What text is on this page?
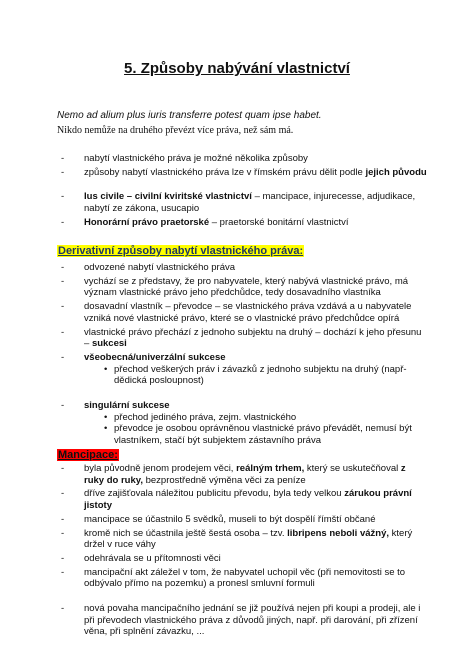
5. Způsoby nabývání vlastnictví
Nemo ad alium plus iuris transferre potest quam ipse habet.
Nikdo nemůže na druhého převézt více práva, než sám má.
- nabytí vlastnického práva je možné několika způsoby
- způsoby nabytí vlastnického práva lze v římském právu dělit podle jejich původu
- Ius civile – civilní kviritské vlastnictví – mancipace, injurecesse, adjudikace, nabytí ze zákona, usucapio
- Honorární právo praetorské – praetorské bonitární vlastnictví
Derivativní způsoby nabytí vlastnického práva:
- odvozené nabytí vlastnického práva
- vychází se z představy, že pro nabyvatele, který nabývá vlastnické právo, má význam vlastnické právo jeho předchůdce, tedy dosavadního vlastníka
- dosavadní vlastník – převodce – se vlastnického práva vzdává a u nabyvatele vzniká nové vlastnické právo, které se o vlastnické právo předchůdce opírá
- vlastnické právo přechází z jednoho subjektu na druhý – dochází k jeho přesunu – sukcesi
- všeobecná/univerzální sukcese
• přechod veškerých práv i závazků z jednoho subjektu na druhý (např- dědická posloupnost)
- singulární sukcese
• přechod jediného práva, zejm. vlastnického
• převodce je osobou oprávněnou vlastnické právo převádět, nemusí být vlastníkem, stačí být subjektem zástavního práva
Mancipace:
- byla původně jenom prodejem věci, reálným trhem, který se uskutečňoval z ruky do ruky, bezprostředně výměna věci za peníze
- dříve zajišťovala náležitou publicitu převodu, byla tedy velkou zárukou právní jistoty
- mancipace se účastnilo 5 svědků, museli to být dospělí římští občané
- kromě nich se účastnila ještě šestá osoba – tzv. libripens neboli vážný, který držel v ruce váhy
- odehrávala se u přítomnosti věci
- mancipační akt záležel v tom, že nabyvatel uchopil věc (při nemovitosti se to odbývalo přímo na pozemku) a pronesl smluvní formuli
- nová povaha mancipačního jednání se již používá nejen při koupi a prodeji, ale i při převodech vlastnického práva z důvodů jiných, např. při darování, při zřízení věna, při splnění závazku, ...
